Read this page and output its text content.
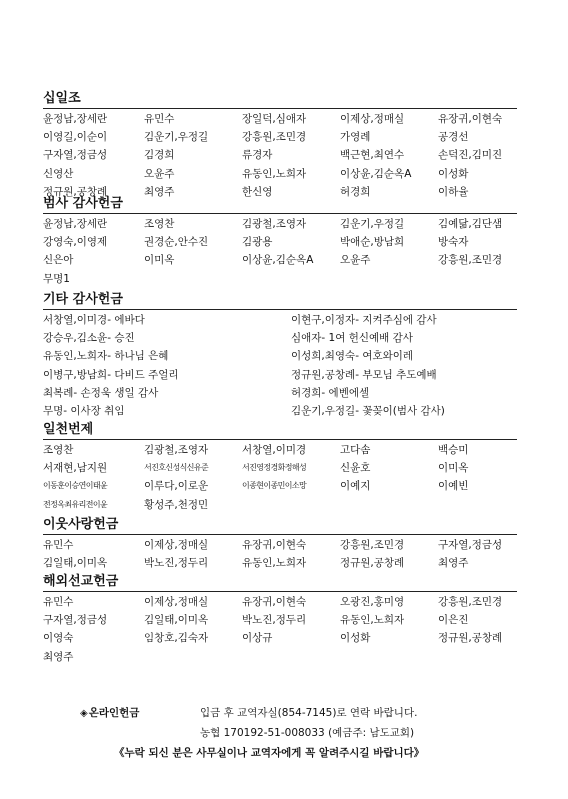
십일조
윤정남,장세란	유민수	장일덕,심애자	이제상,정매실	유장귀,이현숙
이영길,이순이	김운기,우정길	강흥원,조민경	가영례	공경선
구자열,정금성	김경희	류경자	백근현,최연수	손덕진,김미진
신영산	오윤주	유동인,노희자	이상윤,김순옥A	이성화
정규원,공창례	최영주	한신영	허경희	이하율
범사 감사헌금
윤정남,장세란	조영찬	김광철,조영자	김운기,우정길	김예닮,김단샘
강영숙,이영제	권경순,안수진	김광용	박애순,방남희	방숙자
신은아	이미옥	이상윤,김순옥A	오윤주	강흥원,조민경
무명1
기타 감사헌금
서창열,이미경- 에바다	이현구,이정자- 지켜주심에 감사
강승우,김소윤- 승진	심애자- 1여 헌신예배 감사
유동인,노희자- 하나님 은혜	이성희,최영숙- 여호와이레
이병구,방남희- 다비드 주얼리	정규원,공창례- 부모님 추도예배
최복례- 손정욱 생일 감사	허경희- 에벤에셀
무명- 이사장 취임	김운기,우정길- 꽃꽂이(범사 감사)
일천번제
조영찬	김광철,조영자	서창열,이미경	고다솜	백승미
서재현,남지원	서진호신성식신유준	서진영정경화정해성	신윤호	이미옥
이동훈이승연이태윤	이루다,이로운	이종현이종민이소망	이예지	이예빈
전정옥최유리전이윤	황성주,천정민
이웃사랑헌금
유민수	이제상,정매실	유장귀,이현숙	강흥원,조민경	구자열,정금성
김일태,이미옥	박노진,정두리	유동인,노희자	정규원,공창례	최영주
해외선교헌금
유민수	이제상,정매실	유장귀,이현숙	오광진,홍미영	강흥원,조민경
구자열,정금성	김일태,이미옥	박노진,정두리	유동인,노희자	이은진
이영숙	임창호,김숙자	이상규	이성화	정규원,공창례
최영주
◈온라인헌금	입금 후 교역자실(854-7145)로 연락 바랍니다.
농협 170192-51-008033 (예금주: 남도교회)
《누락 되신 분은 사무실이나 교역자에게 꼭 알려주시길 바랍니다》
